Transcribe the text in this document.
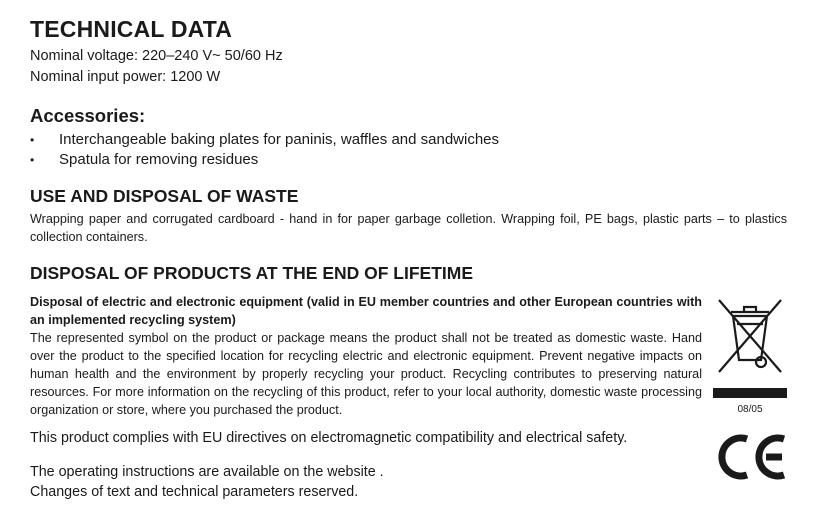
TECHNICAL DATA

Nominal voltage: 220–240 V~ 50/60 Hz

Nominal input power: 1200 W

Accessories:
• Interchangeable baking plates for paninis, waffles and sandwiches
• Spatula for removing residues
USE AND DISPOSAL OF WASTE

Wrapping paper and corrugated cardboard - hand in for paper garbage colletion. Wrapping foil, PE bags, plastic parts – to plastics collection containers.

DISPOSAL OF PRODUCTS AT THE END OF LIFETIME

Disposal of electric and electronic equipment (valid in EU member countries and other European countries with an implemented recycling system)

The represented symbol on the product or package means the product shall not be treated as domestic waste. Hand over the product to the specified location for recycling electric and electronic equipment. Prevent negative impacts on human health and the environment by properly recycling your product. Recycling contributes to preserving natural resources. For more information on the recycling of this product, refer to your local authority, domestic waste processing organization or store, where you purchased the product.	08/05

This product complies with EU directives on electromagnetic compatibility and electrical safety.

The operating instructions are available on the website .

Changes of text and technical parameters reserved.
